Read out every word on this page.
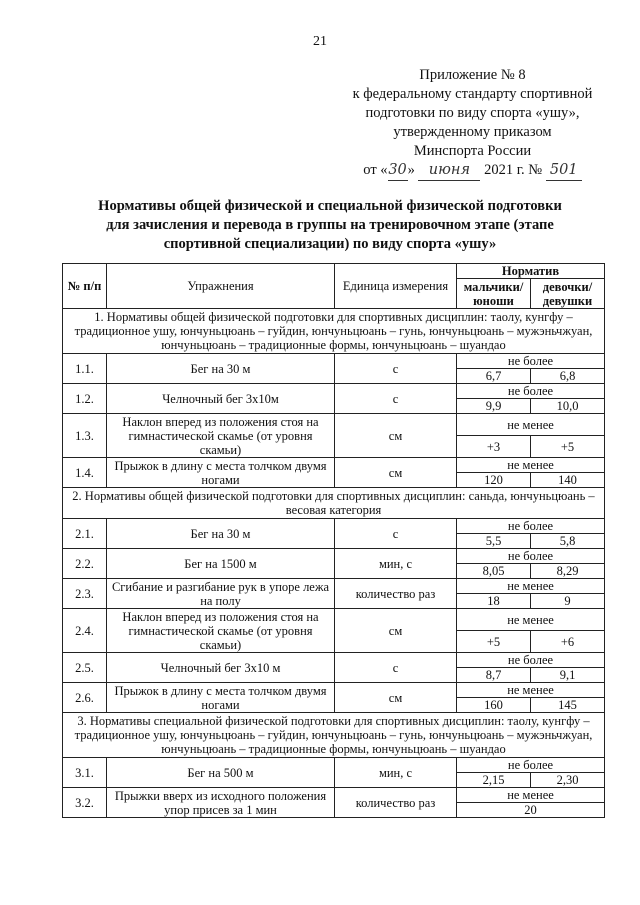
21
Приложение № 8
к федеральному стандарту спортивной
подготовки по виду спорта «ушу»,
утвержденному приказом
Минспорта России
от «30» июня 2021 г. № 501
Нормативы общей физической и специальной физической подготовки
для зачисления и перевода в группы на тренировочном этапе (этапе
спортивной специализации) по виду спорта «ушу»
№ п/п	Упражнения	Единица измерения	Норматив	
			мальчики/ юноши	девочки/ девушки
1. Нормативы общей физической подготовки для спортивных дисциплин: таолу, кунгфу – традиционное ушу, юнчуньцюань – гуйдин, юнчуньцюань – гунь, юнчуньцюань – мужэньчжуан, юнчуньцюань – традиционные формы, юнчуньцюань – шуандао				
1.1.	Бег на 30 м	с	не более	
			6,7	6,8
1.2.	Челночный бег 3х10м	с	не более	
			9,9	10,0
1.3.	Наклон вперед из положения стоя на гимнастической скамье (от уровня скамьи)	см	не менее	
			+3	+5
1.4.	Прыжок в длину с места толчком двумя ногами	см	не менее	
			120	140
2. Нормативы общей физической подготовки для спортивных дисциплин: саньда, юнчуньцюань – весовая категория				
2.1.	Бег на 30 м	с	не более	
			5,5	5,8
2.2.	Бег на 1500 м	мин, с	не более	
			8,05	8,29
2.3.	Сгибание и разгибание рук в упоре лежа на полу	количество раз	не менее	
			18	9
2.4.	Наклон вперед из положения стоя на гимнастической скамье (от уровня скамьи)	см	не менее	
			+5	+6
2.5.	Челночный бег 3х10 м	с	не более	
			8,7	9,1
2.6.	Прыжок в длину с места толчком двумя ногами	см	не менее	
			160	145
3. Нормативы специальной физической подготовки для спортивных дисциплин: таолу, кунгфу – традиционное ушу, юнчуньцюань – гуйдин, юнчуньцюань – гунь, юнчуньцюань – мужэньчжуан, юнчуньцюань – традиционные формы, юнчуньцюань – шуандао				
3.1.	Бег на 500 м	мин, с	не более	
			2,15	2,30
3.2.	Прыжки вверх из исходного положения упор присев за 1 мин	количество раз	не менее	
			20	
